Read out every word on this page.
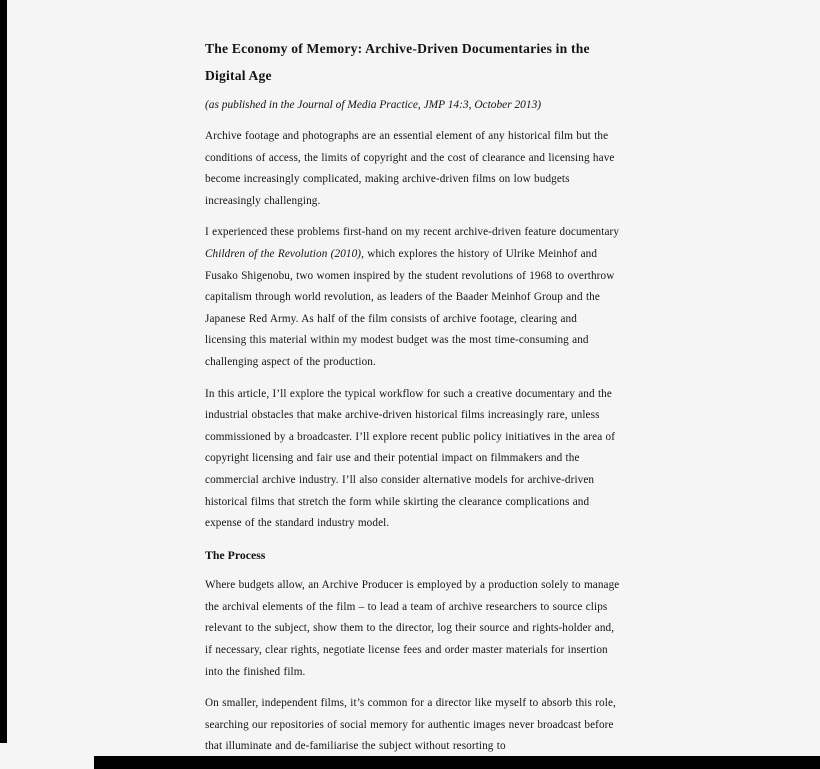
The Economy of Memory: Archive-Driven Documentaries in the
Digital Age
(as published in the Journal of Media Practice, JMP 14:3, October 2013)

Archive footage and photographs are an essential element of any historical film but the conditions of access, the limits of copyright and the cost of clearance and licensing have become increasingly complicated, making archive-driven films on low budgets increasingly challenging.

I experienced these problems first-hand on my recent archive-driven feature documentary Children of the Revolution (2010), which explores the history of Ulrike Meinhof and Fusako Shigenobu, two women inspired by the student revolutions of 1968 to overthrow capitalism through world revolution, as leaders of the Baader Meinhof Group and the Japanese Red Army. As half of the film consists of archive footage, clearing and licensing this material within my modest budget was the most time-consuming and challenging aspect of the production.

In this article, I’ll explore the typical workflow for such a creative documentary and the industrial obstacles that make archive-driven historical films increasingly rare, unless commissioned by a broadcaster. I’ll explore recent public policy initiatives in the area of copyright licensing and fair use and their potential impact on filmmakers and the commercial archive industry. I’ll also consider alternative models for archive-driven historical films that stretch the form while skirting the clearance complications and expense of the standard industry model.

The Process

Where budgets allow, an Archive Producer is employed by a production solely to manage the archival elements of the film – to lead a team of archive researchers to source clips relevant to the subject, show them to the director, log their source and rights-holder and, if necessary, clear rights, negotiate license fees and order master materials for insertion into the finished film.

On smaller, independent films, it’s common for a director like myself to absorb this role, searching our repositories of social memory for authentic images never broadcast before that illuminate and de-familiarise the subject without resorting to
